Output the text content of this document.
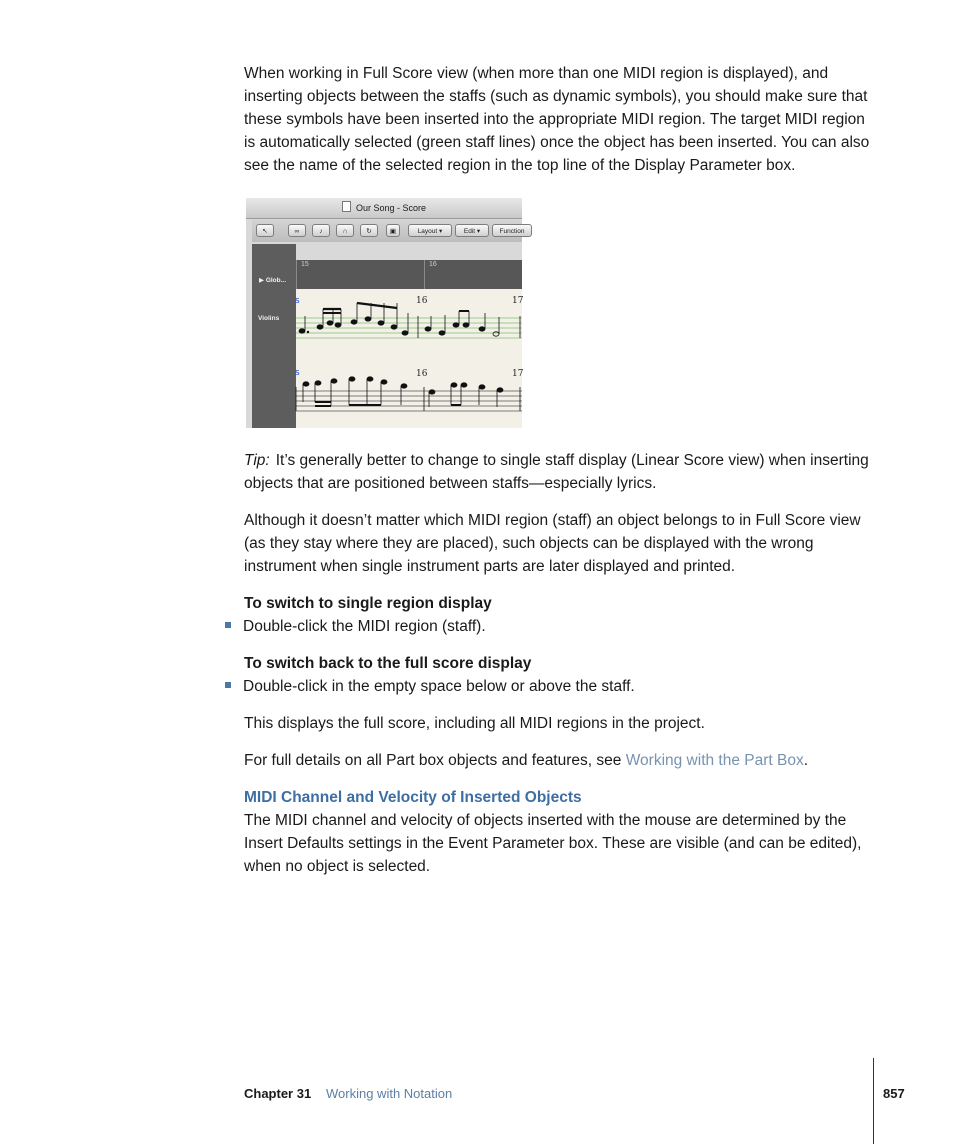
When working in Full Score view (when more than one MIDI region is displayed), and inserting objects between the staffs (such as dynamic symbols), you should make sure that these symbols have been inserted into the appropriate MIDI region. The target MIDI region is automatically selected (green staff lines) once the object has been inserted. You can also see the name of the selected region in the top line of the Display Parameter box.

Our Song - Score
↖	∞	♪	∩	↻	▣	Layout ▾	Edit ▾	Function
15	16
▶ Glob...
Violins
s
s
16	17
16	17

Tip: It’s generally better to change to single staff display (Linear Score view) when inserting objects that are positioned between staffs—especially lyrics.

Although it doesn’t matter which MIDI region (staff) an object belongs to in Full Score view (as they stay where they are placed), such objects can be displayed with the wrong instrument when single instrument parts are later displayed and printed.

To switch to single region display
Double-click the MIDI region (staff).
To switch back to the full score display
Double-click in the empty space below or above the staff.

This displays the full score, including all MIDI regions in the project.

For full details on all Part box objects and features, see Working with the Part Box.

MIDI Channel and Velocity of Inserted Objects

The MIDI channel and velocity of objects inserted with the mouse are determined by the Insert Defaults settings in the Event Parameter box. These are visible (and can be edited), when no object is selected.

Chapter 31 Working with Notation	857
